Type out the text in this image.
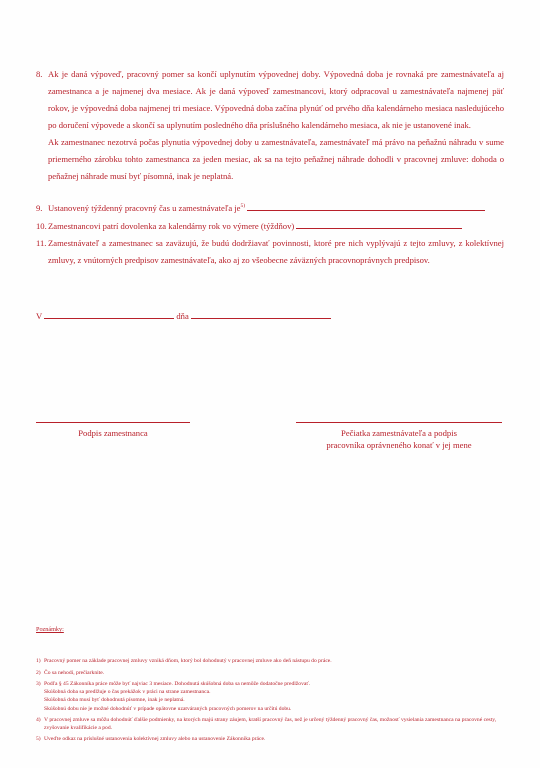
8. Ak je daná výpoveď, pracovný pomer sa končí uplynutím výpovednej doby. Výpovedná doba je rovnaká pre zamestnávateľa aj zamestnanca a je najmenej dva mesiace. Ak je daná výpoveď zamestnancovi, ktorý odpracoval u zamestnávateľa najmenej päť rokov, je výpovedná doba najmenej tri mesiace. Výpovedná doba začína plynúť od prvého dňa kalendárneho mesiaca nasledujúceho po doručení výpovede a skončí sa uplynutím posledného dňa príslušného kalendárneho mesiaca, ak nie je ustanovené inak.
Ak zamestnanec nezotrvá počas plynutia výpovednej doby u zamestnávateľa, zamestnávateľ má právo na peňažnú náhradu v sume priemerného zárobku tohto zamestnanca za jeden mesiac, ak sa na tejto peňažnej náhrade dohodli v pracovnej zmluve: dohoda o peňažnej náhrade musí byť písomná, inak je neplatná.
9. Ustanovený týždenný pracovný čas u zamestnávateľa $je^{5)}$
10. Zamestnancovi patrí dovolenka za kalendárny rok vo výmere (týždňov)
11. Zamestnávateľ a zamestnanec sa zaväzujú, že budú dodržiavať povinnosti, ktoré pre nich vyplývajú z tejto zmluvy, z kolektívnej zmluvy, z vnútorných predpisov zamestnávateľa, ako aj zo všeobecne záväzných pracovnoprávnych predpisov.
V	dňa
Podpis zamestnanca	Pečiatka zamestnávateľa a podpis
pracovníka oprávneného konať v jej mene
Poznámky:
1) Pracovný pomer na základe pracovnej zmluvy vzniká dňom, ktorý bol dohodnutý v pracovnej zmluve ako deň nástupu do práce.
2) Čo sa nehodí, prečiarknite.
3) Podľa § 45 Zákonníka práce môže byť najviac 3 mesiace. Dohodnutá skúšobná doba sa nemôže dodatočne predlžovať.
Skúšobná doba sa predlžuje o čas prekážok v práci na strane zamestnanca.
Skúšobná doba musí byť dohodnutá písomne, inak je neplatná.
Skúšobnú dobu nie je možné dohodnúť v prípade opätovne uzatváraných pracovných pomerov na určitú dobu.
4) V pracovnej zmluve sa môžu dohodnúť ďalšie podmienky, na ktorých majú strany záujem, kratší pracovný čas, než je určený týždenný pracovný čas, možnosť vysielania zamestnanca na pracovné cesty, zvyšovanie kvalifikácie a pod.
5) Uveďte odkaz na príslušné ustanovenia kolektívnej zmluvy alebo na ustanovenie Zákonníka práce.
